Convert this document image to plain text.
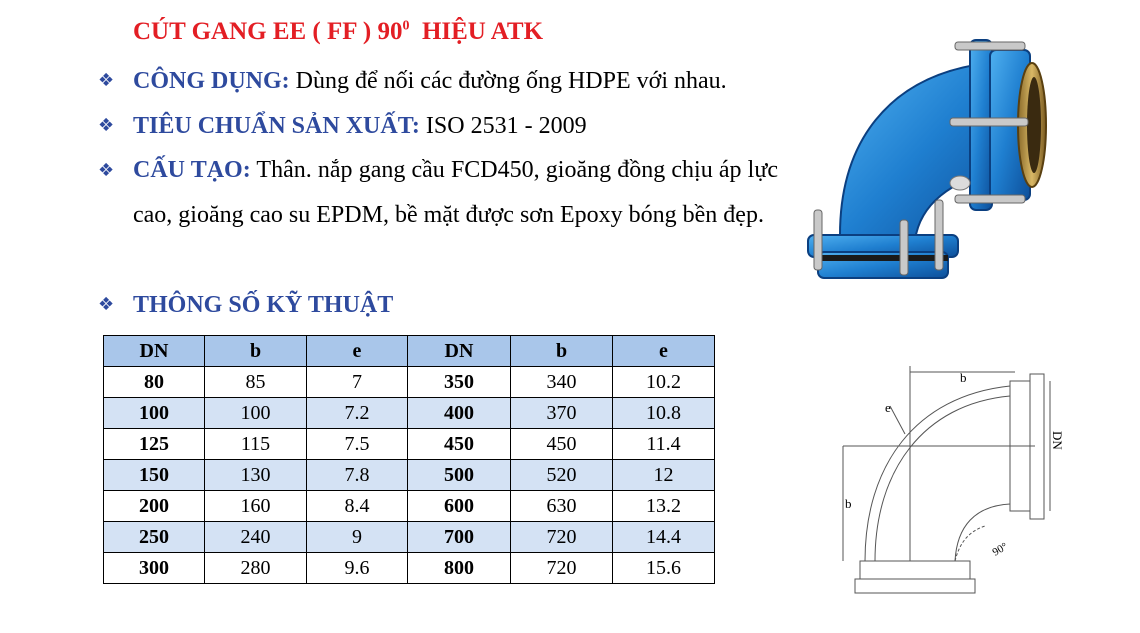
CÚT GANG EE ( FF ) $90^0$  HIỆU ATK
❖ CÔNG DỤNG: Dùng để nối các đường ống HDPE với nhau.
❖ TIÊU CHUẨN SẢN XUẤT: ISO 2531 - 2009
❖ CẤU TẠO: Thân. nắp gang cầu FCD450, gioăng đồng chịu áp lực cao, gioăng cao su EPDM, bề mặt được sơn Epoxy bóng bền đẹp.
❖ THÔNG SỐ KỸ THUẬT
DN	b	e	DN	b	e
80	85	7	350	340	10.2
100	100	7.2	400	370	10.8
125	115	7.5	450	450	11.4
150	130	7.8	500	520	12
200	160	8.4	600	630	13.2
250	240	9	700	720	14.4
300	280	9.6	800	720	15.6
b
b
e
DN
90°
